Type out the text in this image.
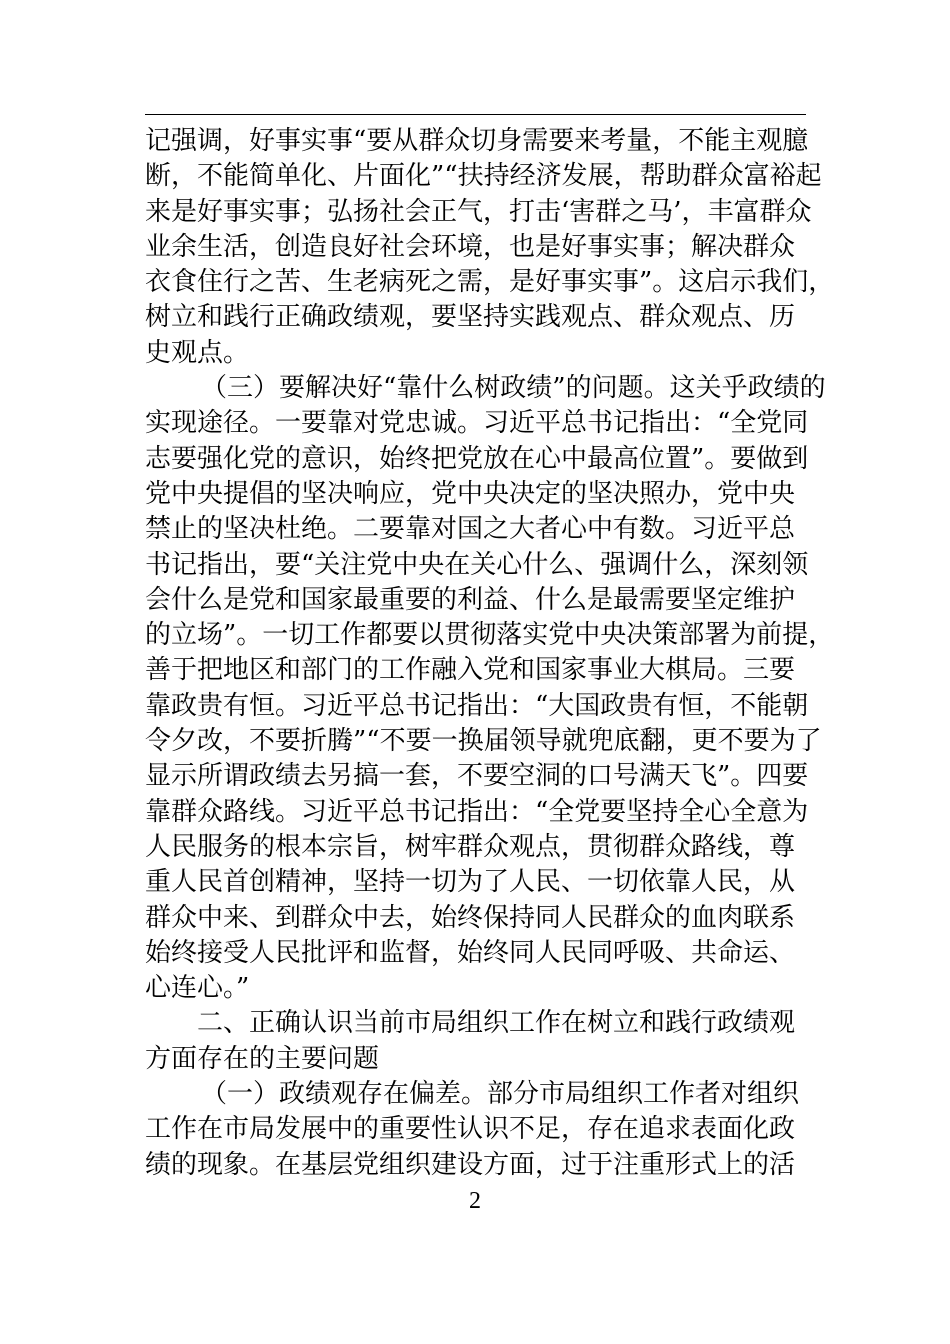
记强调，好事实事“要从群众切身需要来考量，不能主观臆
断，不能简单化、片面化”“扶持经济发展，帮助群众富裕起
来是好事实事；弘扬社会正气，打击‘害群之马’，丰富群众
业余生活，创造良好社会环境，也是好事实事；解决群众
衣食住行之苦、生老病死之需，是好事实事”。这启示我们，
树立和践行正确政绩观，要坚持实践观点、群众观点、历
史观点。
（三）要解决好“靠什么树政绩”的问题。这关乎政绩的
实现途径。一要靠对党忠诚。习近平总书记指出：“全党同
志要强化党的意识，始终把党放在心中最高位置”。要做到
党中央提倡的坚决响应，党中央决定的坚决照办，党中央
禁止的坚决杜绝。二要靠对国之大者心中有数。习近平总
书记指出，要“关注党中央在关心什么、强调什么，深刻领
会什么是党和国家最重要的利益、什么是最需要坚定维护
的立场”。一切工作都要以贯彻落实党中央决策部署为前提，
善于把地区和部门的工作融入党和国家事业大棋局。三要
靠政贵有恒。习近平总书记指出：“大国政贵有恒，不能朝
令夕改，不要折腾”“不要一换届领导就兜底翻，更不要为了
显示所谓政绩去另搞一套，不要空洞的口号满天飞”。四要
靠群众路线。习近平总书记指出：“全党要坚持全心全意为
人民服务的根本宗旨，树牢群众观点，贯彻群众路线，尊
重人民首创精神，坚持一切为了人民、一切依靠人民，从
群众中来、到群众中去，始终保持同人民群众的血肉联系
始终接受人民批评和监督，始终同人民同呼吸、共命运、
心连心。”
二、正确认识当前市局组织工作在树立和践行政绩观
方面存在的主要问题
（一）政绩观存在偏差。部分市局组织工作者对组织
工作在市局发展中的重要性认识不足，存在追求表面化政
绩的现象。在基层党组织建设方面，过于注重形式上的活
2
